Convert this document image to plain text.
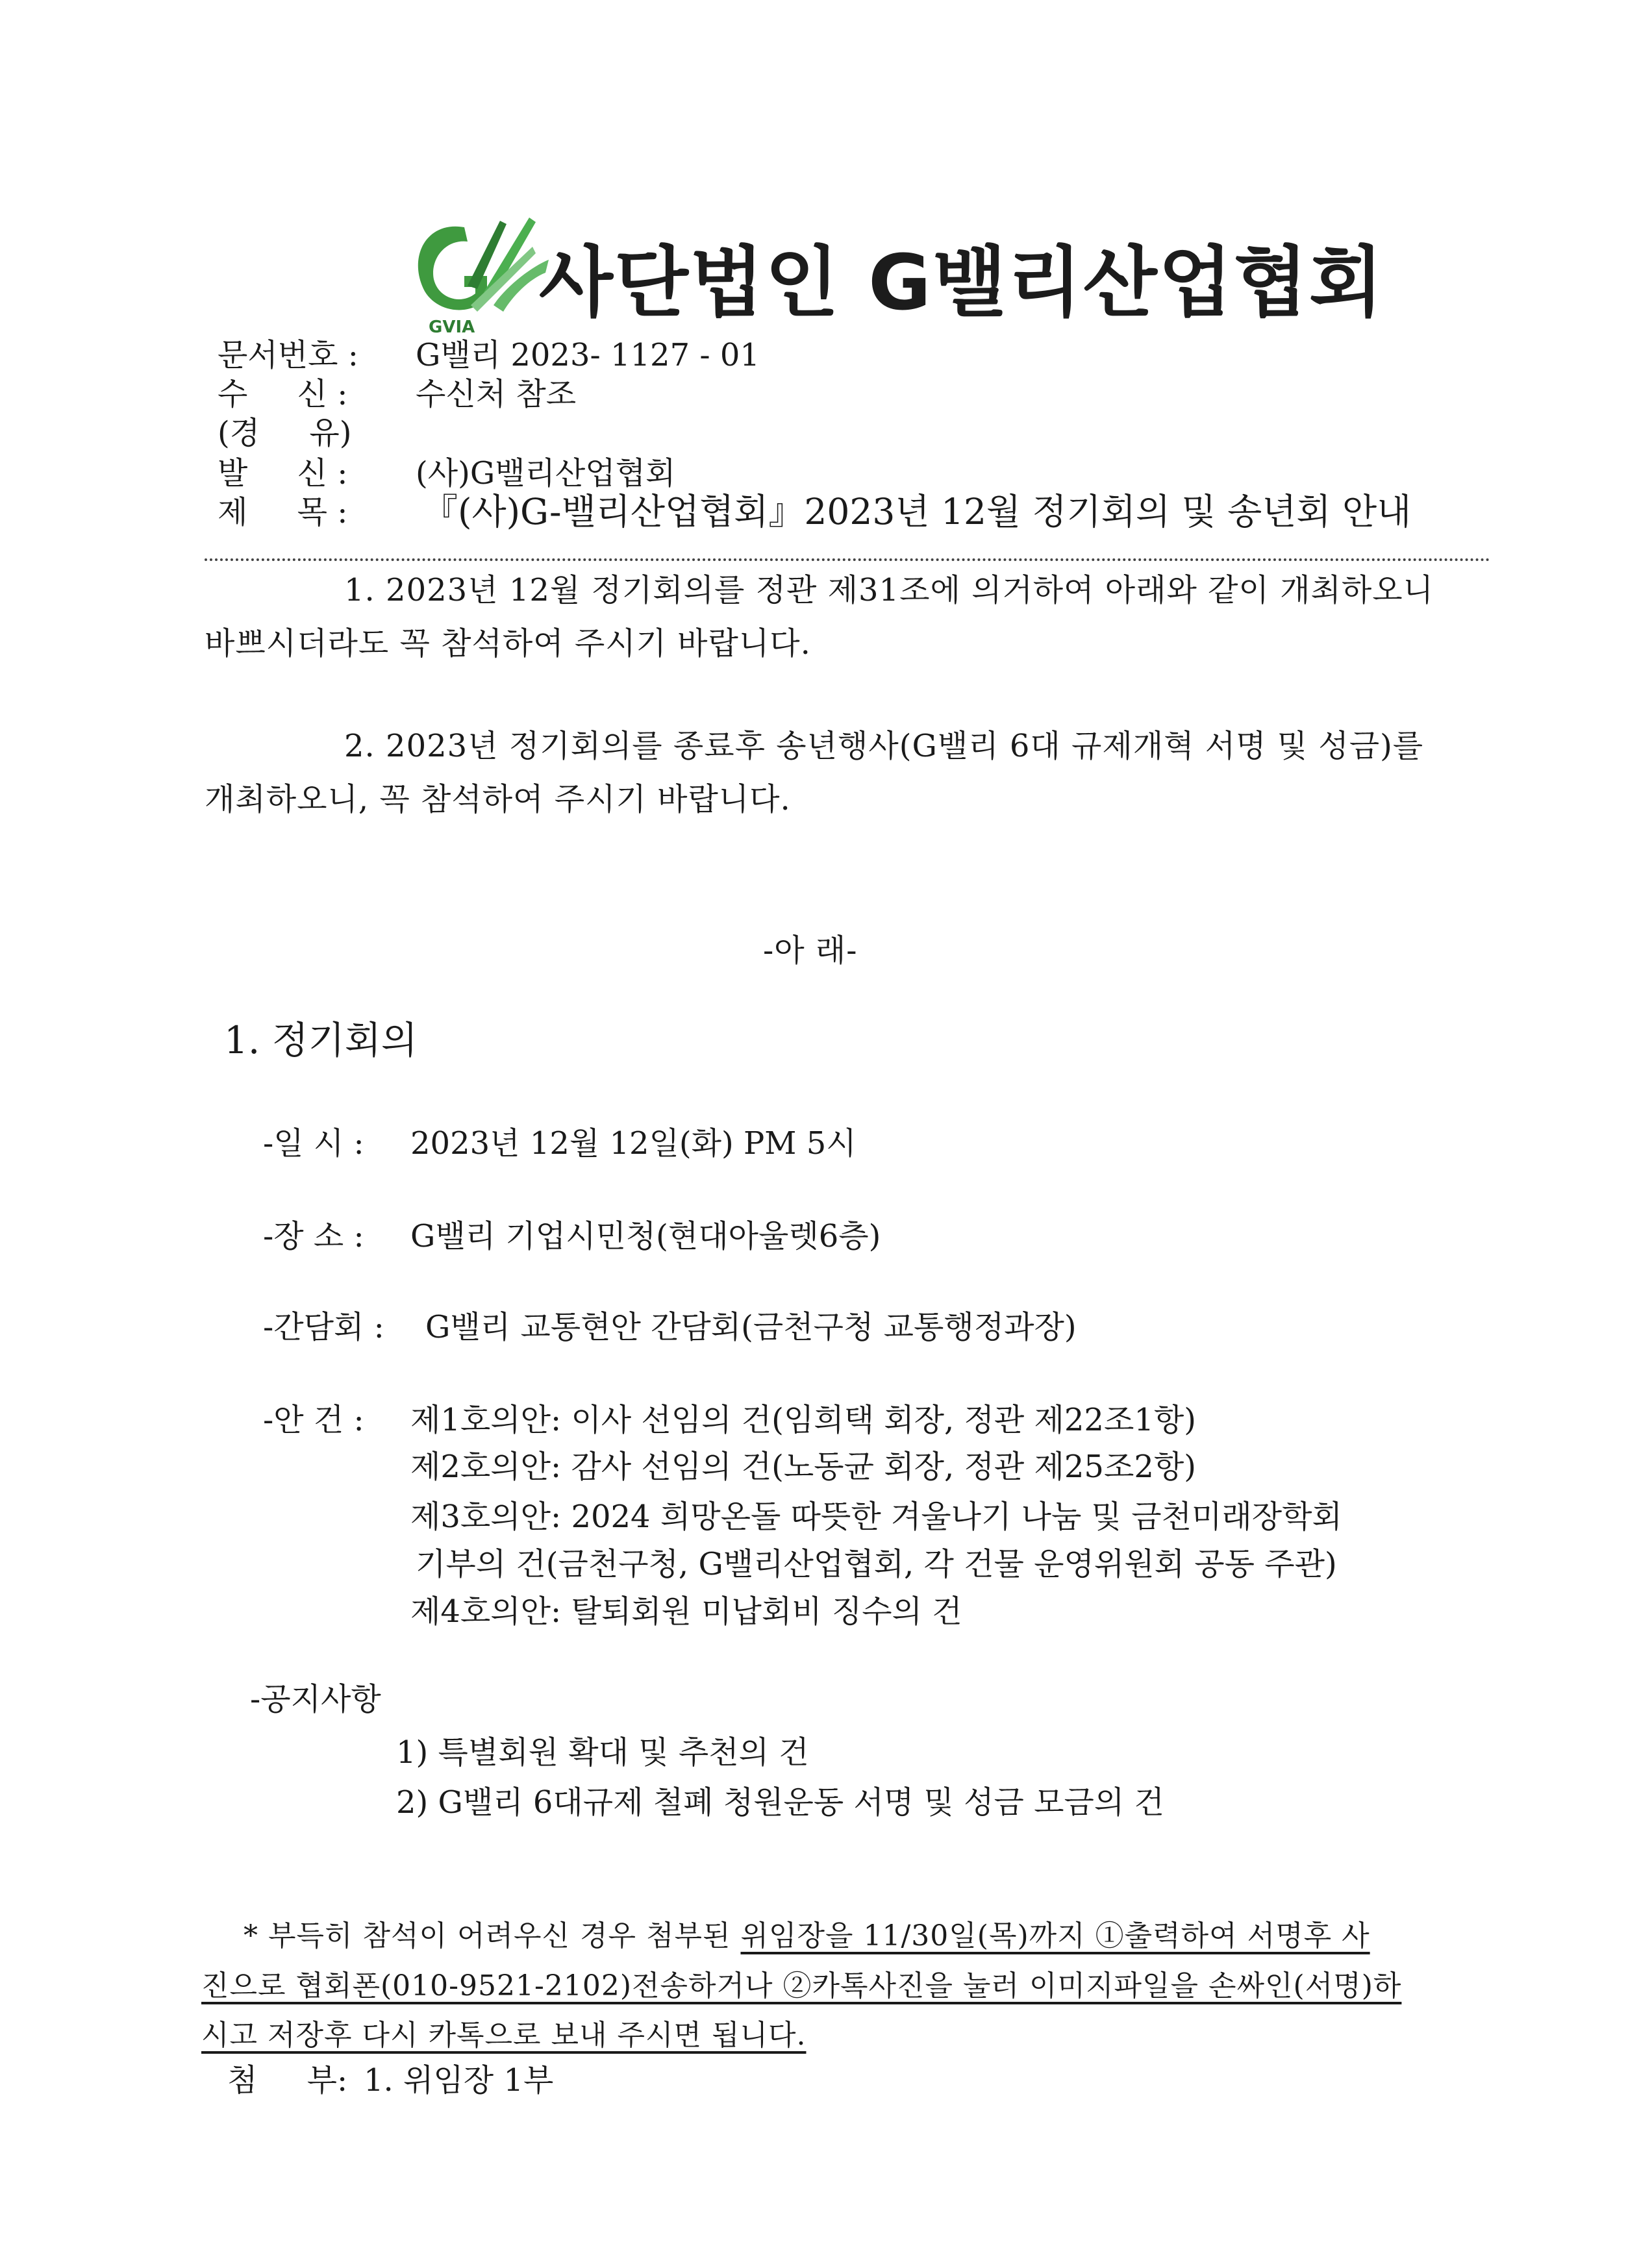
GVIA 사단법인 G밸리산업협회
문서번호 : G밸리 2023- 1127 - 01
수     신 : 수신처 참조
(경     유)
발     신 : (사)G밸리산업협회
제     목 : 『(사)G-밸리산업협회』2023년 12월 정기회의 및 송년회 안내
1. 2023년 12월 정기회의를 정관 제31조에 의거하여 아래와 같이 개최하오니
바쁘시더라도 꼭 참석하여 주시기 바랍니다.
2. 2023년 정기회의를 종료후 송년행사(G밸리 6대 규제개혁 서명 및 성금)를
개최하오니, 꼭 참석하여 주시기 바랍니다.
-아 래-
1. 정기회의
-일 시 : 2023년 12월 12일(화) PM 5시
-장 소 : G밸리 기업시민청(현대아울렛6층)
-간담회 : G밸리 교통현안 간담회(금천구청 교통행정과장)
-안 건 : 제1호의안: 이사 선임의 건(임희택 회장, 정관 제22조1항)
제2호의안: 감사 선임의 건(노동균 회장, 정관 제25조2항)
제3호의안: 2024 희망온돌 따뜻한 겨울나기 나눔 및 금천미래장학회
기부의 건(금천구청, G밸리산업협회, 각 건물 운영위원회 공동 주관)
제4호의안: 탈퇴회원 미납회비 징수의 건
-공지사항
1) 특별회원 확대 및 추천의 건
2) G밸리 6대규제 철폐 청원운동 서명 및 성금 모금의 건
* 부득히 참석이 어려우신 경우 첨부된 위임장을 11/30일(목)까지 ①출력하여 서명후 사
진으로 협회폰(010-9521-2102)전송하거나 ②카톡사진을 눌러 이미지파일을 손싸인(서명)하
시고 저장후 다시 카톡으로 보내 주시면 됩니다.
첨     부: 1. 위임장 1부
